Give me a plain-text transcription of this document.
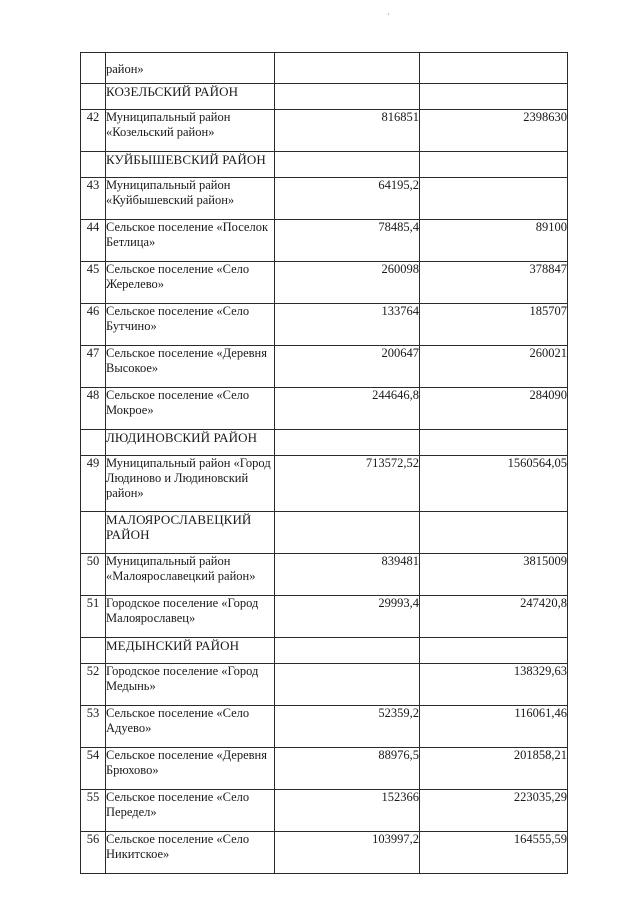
·

	район»		

	КОЗЕЛЬСКИЙ РАЙОН		

42	Муниципальный район «Козельский район»	816851	2398630

	КУЙБЫШЕВСКИЙ РАЙОН		

43	Муниципальный район «Куйбышевский район»	64195,2	

44	Сельское поселение «Поселок Бетлица»	78485,4	89100

45	Сельское поселение «Село Жерелево»	260098	378847

46	Сельское поселение «Село Бутчино»	133764	185707

47	Сельское поселение «Деревня Высокое»	200647	260021

48	Сельское поселение «Село Мокрое»	244646,8	284090

	ЛЮДИНОВСКИЙ РАЙОН		

49	Муниципальный район «Город Людиново и Людиновский район»	713572,52	1560564,05

	МАЛОЯРОСЛАВЕЦКИЙ РАЙОН		

50	Муниципальный район «Малоярославецкий район»	839481	3815009

51	Городское поселение «Город Малоярославец»	29993,4	247420,8

	МЕДЫНСКИЙ РАЙОН		

52	Городское поселение «Город Медынь»		138329,63

53	Сельское поселение «Село Адуево»	52359,2	116061,46

54	Сельское поселение «Деревня Брюхово»	88976,5	201858,21

55	Сельское поселение «Село Передел»	152366	223035,29

56	Сельское поселение «Село Никитское»	103997,2	164555,59
